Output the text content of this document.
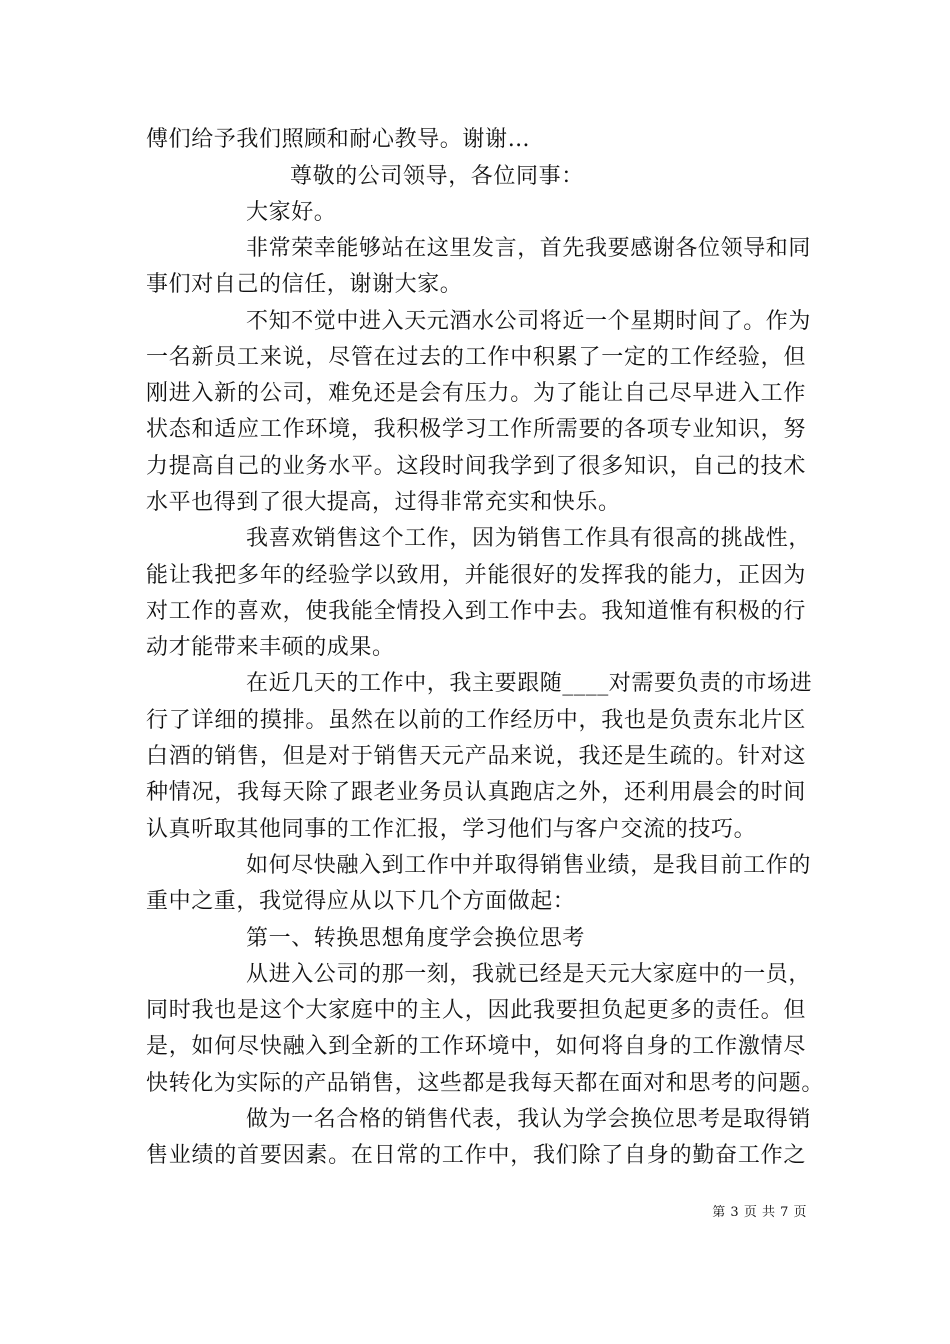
傅们给予我们照顾和耐心教导。谢谢…
尊敬的公司领导，各位同事：
大家好。
非常荣幸能够站在这里发言，首先我要感谢各位领导和同
事们对自己的信任，谢谢大家。
不知不觉中进入天元酒水公司将近一个星期时间了。作为
一名新员工来说，尽管在过去的工作中积累了一定的工作经验，但
刚进入新的公司，难免还是会有压力。为了能让自己尽早进入工作
状态和适应工作环境，我积极学习工作所需要的各项专业知识，努
力提高自己的业务水平。这段时间我学到了很多知识，自己的技术
水平也得到了很大提高，过得非常充实和快乐。
我喜欢销售这个工作，因为销售工作具有很高的挑战性，
能让我把多年的经验学以致用，并能很好的发挥我的能力，正因为
对工作的喜欢，使我能全情投入到工作中去。我知道惟有积极的行
动才能带来丰硕的成果。
在近几天的工作中，我主要跟随____对需要负责的市场进
行了详细的摸排。虽然在以前的工作经历中，我也是负责东北片区
白酒的销售，但是对于销售天元产品来说，我还是生疏的。针对这
种情况，我每天除了跟老业务员认真跑店之外，还利用晨会的时间
认真听取其他同事的工作汇报，学习他们与客户交流的技巧。
如何尽快融入到工作中并取得销售业绩，是我目前工作的
重中之重，我觉得应从以下几个方面做起：
第一、转换思想角度学会换位思考
从进入公司的那一刻，我就已经是天元大家庭中的一员，
同时我也是这个大家庭中的主人，因此我要担负起更多的责任。但
是，如何尽快融入到全新的工作环境中，如何将自身的工作激情尽
快转化为实际的产品销售，这些都是我每天都在面对和思考的问题。
做为一名合格的销售代表，我认为学会换位思考是取得销
售业绩的首要因素。在日常的工作中，我们除了自身的勤奋工作之
第 3 页 共 7 页
